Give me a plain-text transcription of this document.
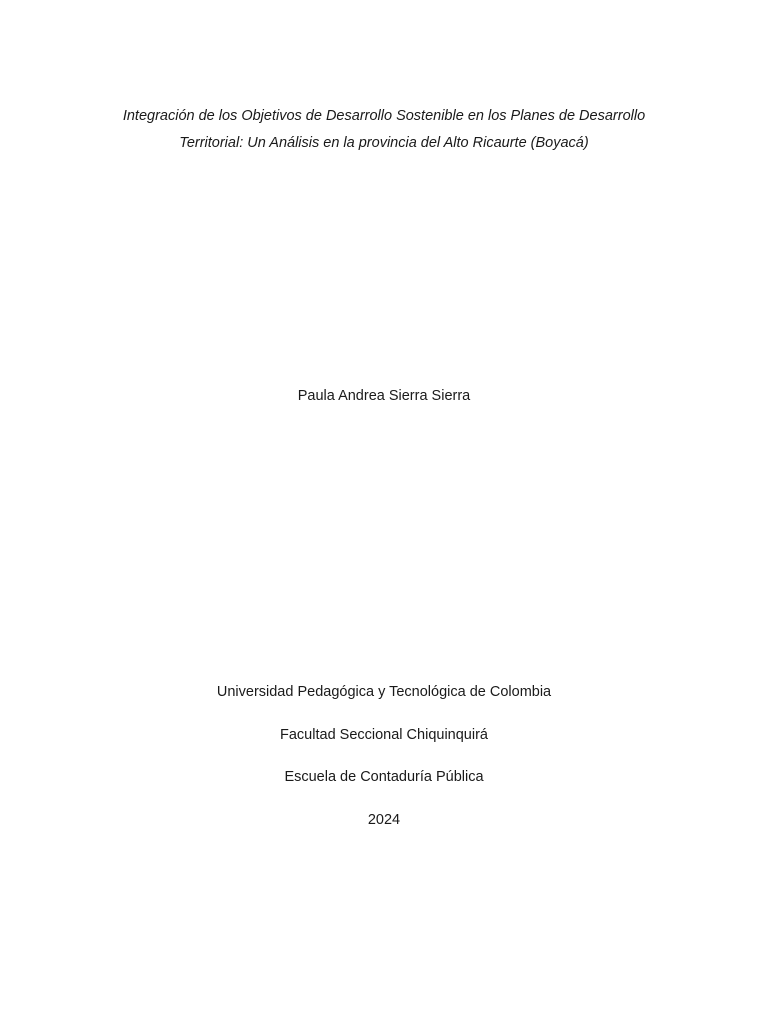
Integración de los Objetivos de Desarrollo Sostenible en los Planes de Desarrollo
Territorial: Un Análisis en la provincia del Alto Ricaurte (Boyacá)
Paula Andrea Sierra Sierra
Universidad Pedagógica y Tecnológica de Colombia
Facultad Seccional Chiquinquirá
Escuela de Contaduría Pública
2024
